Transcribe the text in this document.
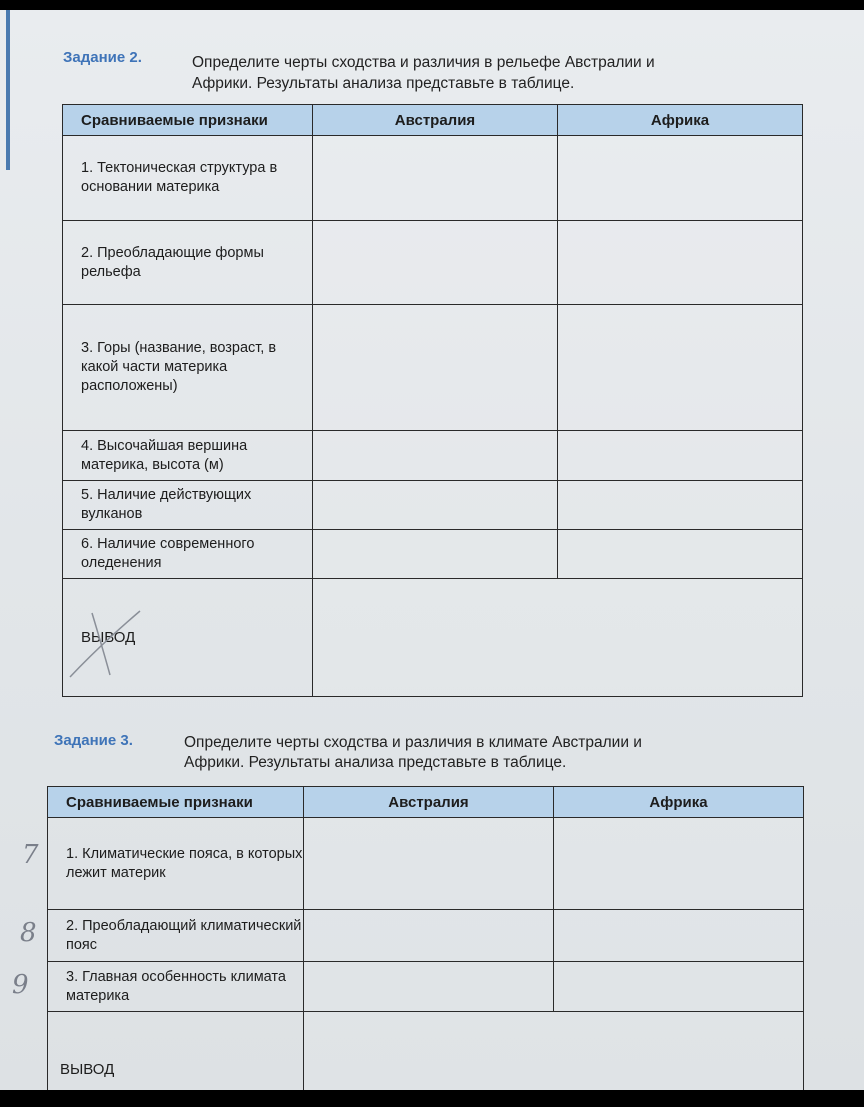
Задание 2.	Определите черты сходства и различия в рельефе Австралии и
Африки. Результаты анализа представьте в таблице.
Сравниваемые признаки	Австралия	Африка
1. Тектоническая структура в основании материка		
2. Преобладающие формы рельефа		
3. Горы (название, возраст, в какой части материка расположены)		
4. Высочайшая вершина материка, высота (м)		
5. Наличие действующих вулканов		
6. Наличие современного оледенения		
ВЫВОД		
Задание 3.	Определите черты сходства и различия в климате Австралии и
Африки. Результаты анализа представьте в таблице.
Сравниваемые признаки	Австралия	Африка
1. Климатические пояса, в которых лежит материк		
2. Преобладающий климатический пояс		
3. Главная особенность климата материка		
ВЫВОД		
7
8
9
